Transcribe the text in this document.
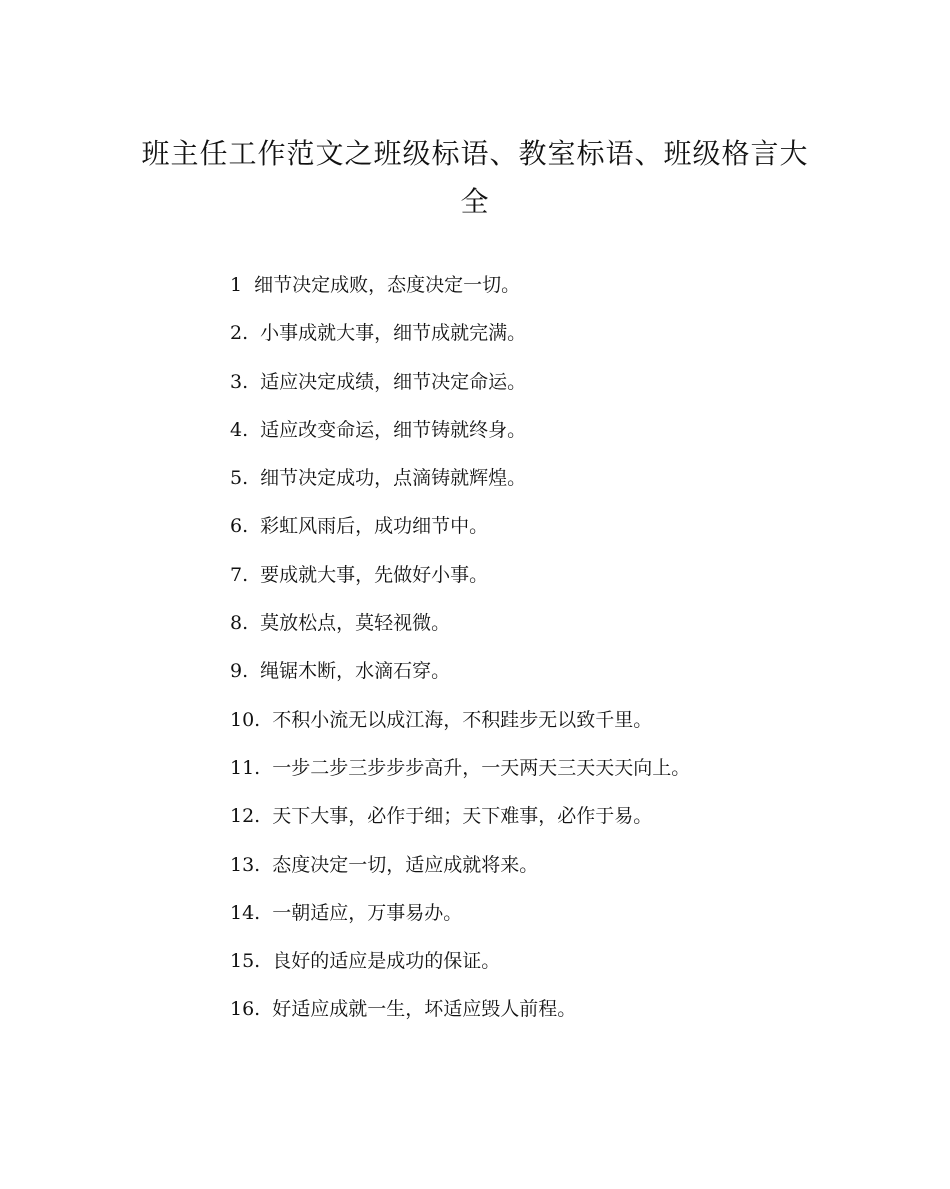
班主任工作范文之班级标语、教室标语、班级格言大全
1 细节决定成败，态度决定一切。
2. 小事成就大事，细节成就完满。
3. 适应决定成绩，细节决定命运。
4. 适应改变命运，细节铸就终身。
5. 细节决定成功，点滴铸就辉煌。
6. 彩虹风雨后，成功细节中。
7. 要成就大事，先做好小事。
8. 莫放松点，莫轻视微。
9. 绳锯木断，水滴石穿。
10. 不积小流无以成江海，不积跬步无以致千里。
11. 一步二步三步步步高升，一天两天三天天天向上。
12. 天下大事，必作于细；天下难事，必作于易。
13. 态度决定一切，适应成就将来。
14. 一朝适应，万事易办。
15. 良好的适应是成功的保证。
16. 好适应成就一生，坏适应毁人前程。
